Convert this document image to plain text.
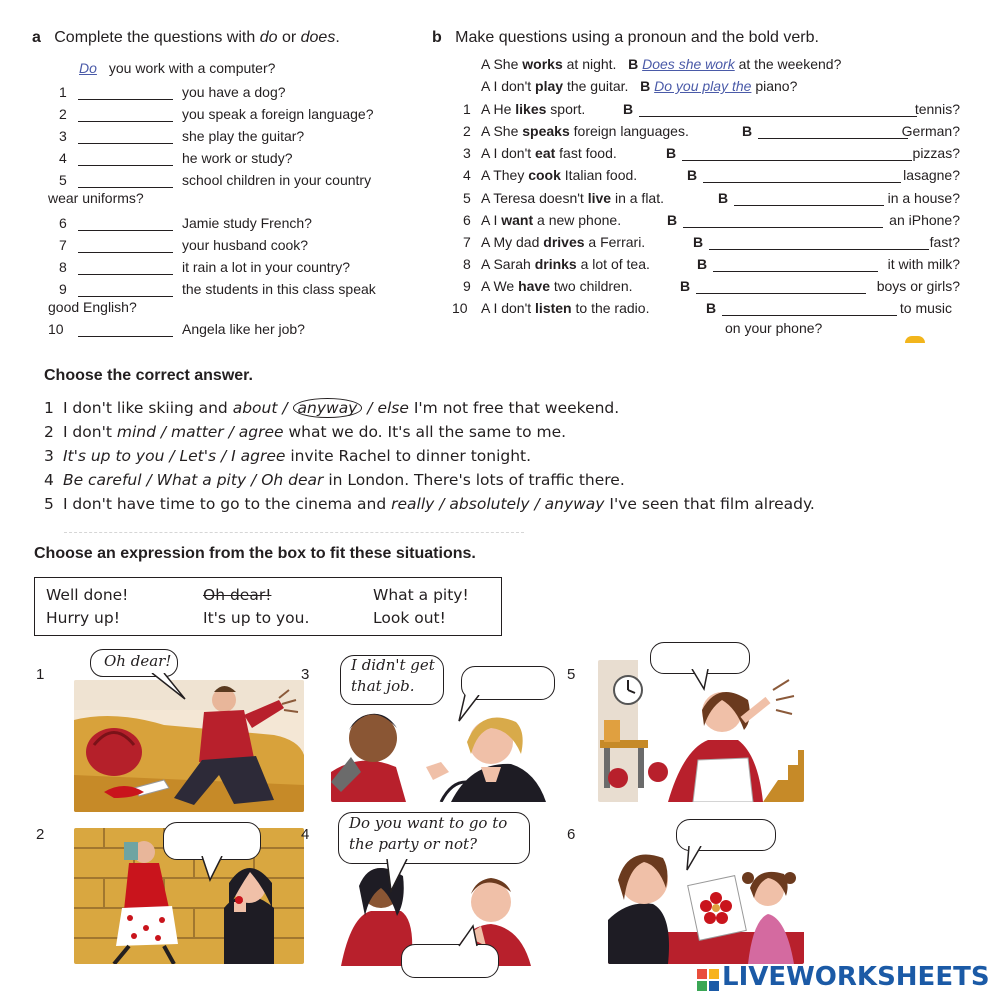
a Complete the questions with do or does.
Do you work with a computer?
1	you have a dog?
2	you speak a foreign language?
3	she play the guitar?
4	he work or study?
5	school children in your country
wear uniforms?
6	Jamie study French?
7	your husband cook?
8	it rain a lot in your country?
9	the students in this class speak
good English?
10	Angela like her job?
b Make questions using a pronoun and the bold verb.
A She works at night. B Does she work at the weekend?
A I don't play the guitar. B Do you play the piano?
1 A He likes sport.	B	tennis?
2 A She speaks foreign languages.	B	German?
3 A I don't eat fast food.	B	pizzas?
4 A They cook Italian food.	B	lasagne?
5 A Teresa doesn't live in a flat.	B	in a house?
6 A I want a new phone.	B	an iPhone?
7 A My dad drives a Ferrari.	B	fast?
8 A Sarah drinks a lot of tea.	B	it with milk?
9 A We have two children.	B	boys or girls?
10 A I don't listen to the radio.	B	to music
on your phone?
Choose the correct answer.
1 I don't like skiing and about / anyway / else I'm not free that weekend.
2 I don't mind / matter / agree what we do. It's all the same to me.
3 It's up to you / Let's / I agree invite Rachel to dinner tonight.
4 Be careful / What a pity / Oh dear in London. There's lots of traffic there.
5 I don't have time to go to the cinema and really / absolutely / anyway I've seen that film already.
Choose an expression from the box to fit these situations.
Well done!	Oh dear!	What a pity!
Hurry up!	It's up to you.	Look out!
1
Oh dear!
2
3
I didn't get
that job.
4
Do you want to go to
the party or not?
5
6
LIVEWORKSHEETS
